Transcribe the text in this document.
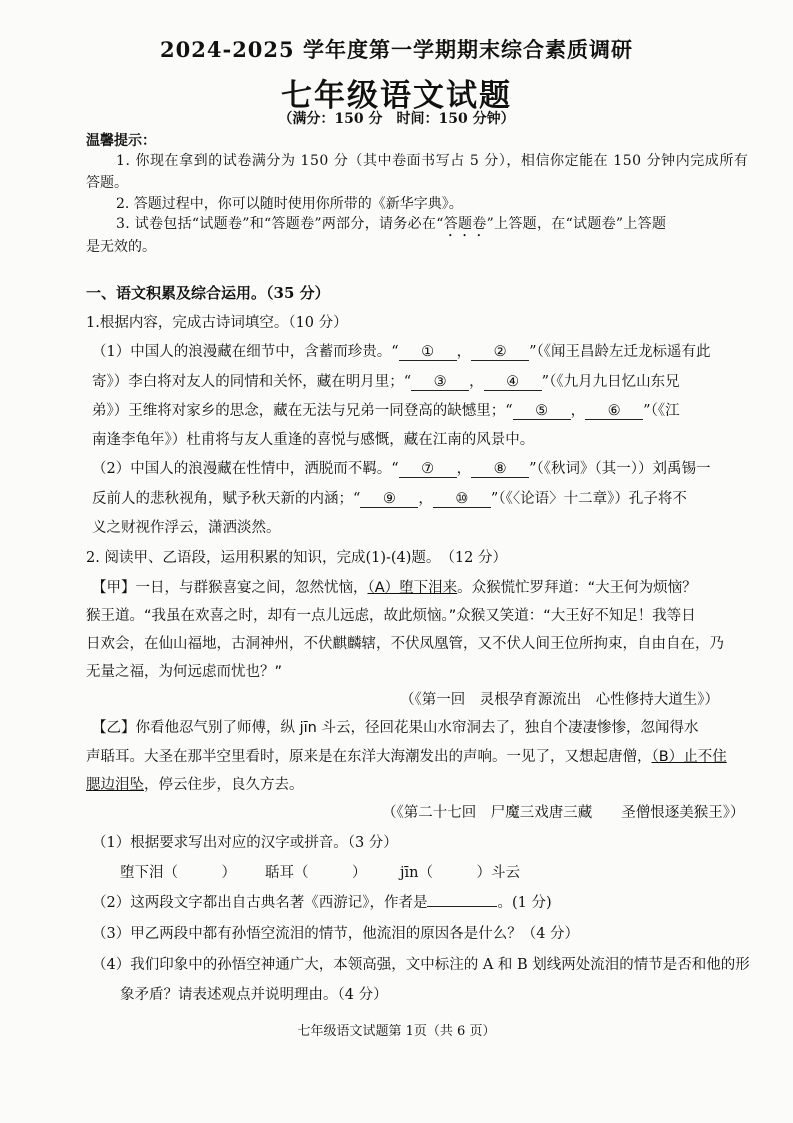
2024-2025 学年度第一学期期末综合素质调研
七年级语文试题
（满分：150 分　时间：150 分钟）
温馨提示：
1. 你现在拿到的试卷满分为 150 分（其中卷面书写占 5 分），相信你定能在 150 分钟内完成所有
答题。
2. 答题过程中，你可以随时使用你所带的《新华字典》。
3. 试卷包括“试题卷”和“答题卷”两部分，请务必在“答题卷”上答题，在“试题卷”上答题
是无效的。
一、语文积累及综合运用。（35 分）
1.根据内容，完成古诗词填空。（10 分）
（1）中国人的浪漫藏在细节中，含蓄而珍贵。“ ① ， ② ”（《闻王昌龄左迁龙标遥有此
寄》）李白将对友人的同情和关怀，藏在明月里；“ ③ ， ④ ”（《九月九日忆山东兄
弟》）王维将对家乡的思念，藏在无法与兄弟一同登高的缺憾里；“ ⑤ ， ⑥ ”（《江
南逢李龟年》）杜甫将与友人重逢的喜悦与感慨，藏在江南的风景中。
（2）中国人的浪漫藏在性情中，洒脱而不羁。“ ⑦ ， ⑧ ”（《秋词》（其一））刘禹锡一
反前人的悲秋视角，赋予秋天新的内涵；“ ⑨ ， ⑩ ”（《〈论语〉十二章》）孔子将不
义之财视作浮云，潇洒淡然。
2. 阅读甲、乙语段，运用积累的知识，完成(1)-(4)题。　（12 分）
【甲】一日，与群猴喜宴之间，忽然忧恼，（A）堕下泪来。众猴慌忙罗拜道：“大王何为烦恼？
猴王道。“我虽在欢喜之时，却有一点儿远虑，故此烦恼。”众猴又笑道：“大王好不知足！我等日
日欢会，在仙山福地，古洞神州，不伏麒麟辖，不伏凤凰管，又不伏人间王位所拘束，自由自在，乃
无量之福，为何远虑而忧也？”
（《第一回　灵根孕育源流出　心性修持大道生》）
【乙】你看他忍气别了师傅，纵 jīn 斗云，径回花果山水帘洞去了，独自个凄凄惨惨，忽闻得水
声聒耳。大圣在那半空里看时，原来是在东洋大海潮发出的声响。一见了，又想起唐僧，（B）止不住
腮边泪坠，停云住步，良久方去。
（《第二十七回　尸魔三戏唐三藏　　圣僧恨逐美猴王》）
（1）根据要求写出对应的汉字或拼音。（3 分）
堕下泪（　　　） 聒耳（　　　） jīn（　　　）斗云
（2）这两段文字都出自古典名著《西游记》，作者是	。(1 分)
（3）甲乙两段中都有孙悟空流泪的情节，他流泪的原因各是什么？（4 分）
（4）我们印象中的孙悟空神通广大，本领高强，文中标注的 A 和 B 划线两处流泪的情节是否和他的形
象矛盾？请表述观点并说明理由。（4 分）
七年级语文试题第 1页（共 6 页）
